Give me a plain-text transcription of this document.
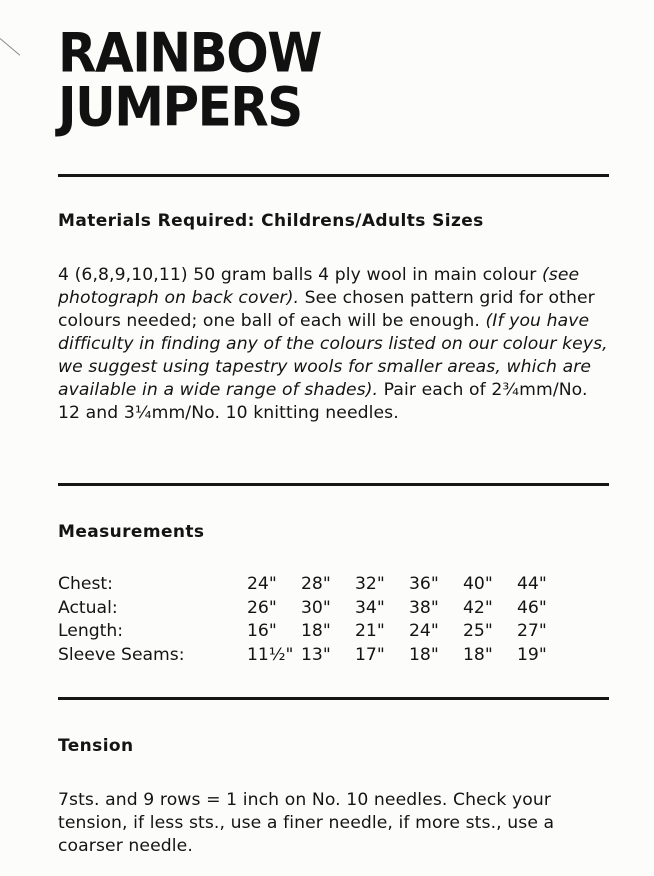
RAINBOW
JUMPERS
Materials Required: Childrens/Adults Sizes

4 (6,8,9,10,11) 50 gram balls 4 ply wool in main colour (see photograph on back cover). See chosen pattern grid for other colours needed; one ball of each will be enough. (If you have difficulty in finding any of the colours listed on our colour keys, we suggest using tapestry wools for smaller areas, which are available in a wide range of shades). Pair each of 2¾mm/No. 12 and 3¼mm/No. 10 knitting needles.

Measurements
Chest:	24"	28"	32"	36"	40"	44"
Actual:	26"	30"	34"	38"	42"	46"
Length:	16"	18"	21"	24"	25"	27"
Sleeve Seams:	11½"	13"	17"	18"	18"	19"
Tension

7sts. and 9 rows = 1 inch on No. 10 needles. Check your tension, if less sts., use a finer needle, if more sts., use a coarser needle.
